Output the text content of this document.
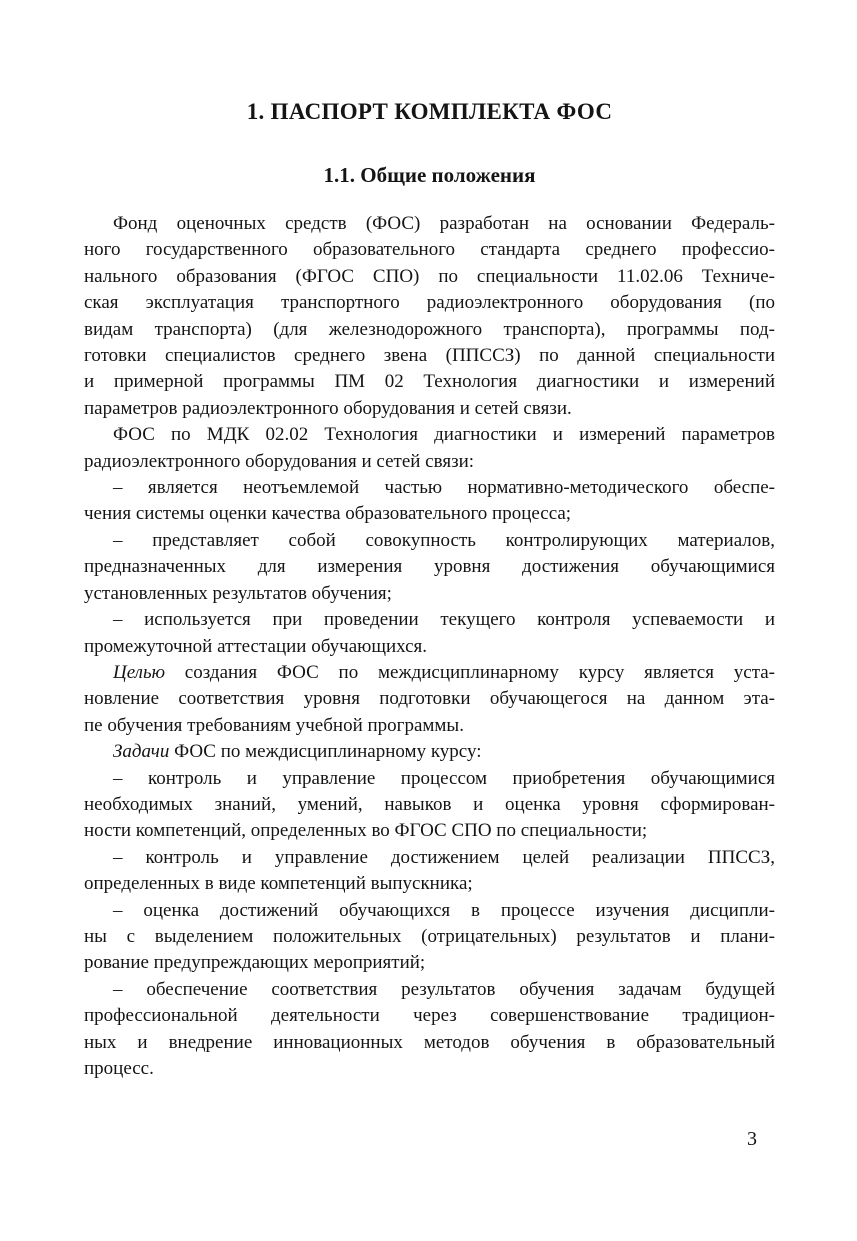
1. ПАСПОРТ КОМПЛЕКТА ФОС
1.1. Общие положения
Фонд оценочных средств (ФОС) разработан на основании Федераль-
ного государственного образовательного стандарта среднего профессио-
нального образования (ФГОС СПО) по специальности 11.02.06 Техниче-
ская эксплуатация транспортного радиоэлектронного оборудования (по
видам транспорта) (для железнодорожного транспорта), программы под-
готовки специалистов среднего звена (ППССЗ) по данной специальности
и примерной программы ПМ 02 Технология диагностики и измерений
параметров радиоэлектронного оборудования и сетей связи.
ФОС по МДК 02.02 Технология диагностики и измерений параметров
радиоэлектронного оборудования и сетей связи:
– является неотъемлемой частью нормативно-методического обеспе-
чения системы оценки качества образовательного процесса;
– представляет собой совокупность контролирующих материалов,
предназначенных для измерения уровня достижения обучающимися
установленных результатов обучения;
– используется при проведении текущего контроля успеваемости и
промежуточной аттестации обучающихся.
Целью создания ФОС по междисциплинарному курсу является уста-
новление соответствия уровня подготовки обучающегося на данном эта-
пе обучения требованиям учебной программы.
Задачи ФОС по междисциплинарному курсу:
– контроль и управление процессом приобретения обучающимися
необходимых знаний, умений, навыков и оценка уровня сформирован-
ности компетенций, определенных во ФГОС СПО по специальности;
– контроль и управление достижением целей реализации ППССЗ,
определенных в виде компетенций выпускника;
– оценка достижений обучающихся в процессе изучения дисципли-
ны с выделением положительных (отрицательных) результатов и плани-
рование предупреждающих мероприятий;
– обеспечение соответствия результатов обучения задачам будущей
профессиональной деятельности через совершенствование традицион-
ных и внедрение инновационных методов обучения в образовательный
процесс.
3
